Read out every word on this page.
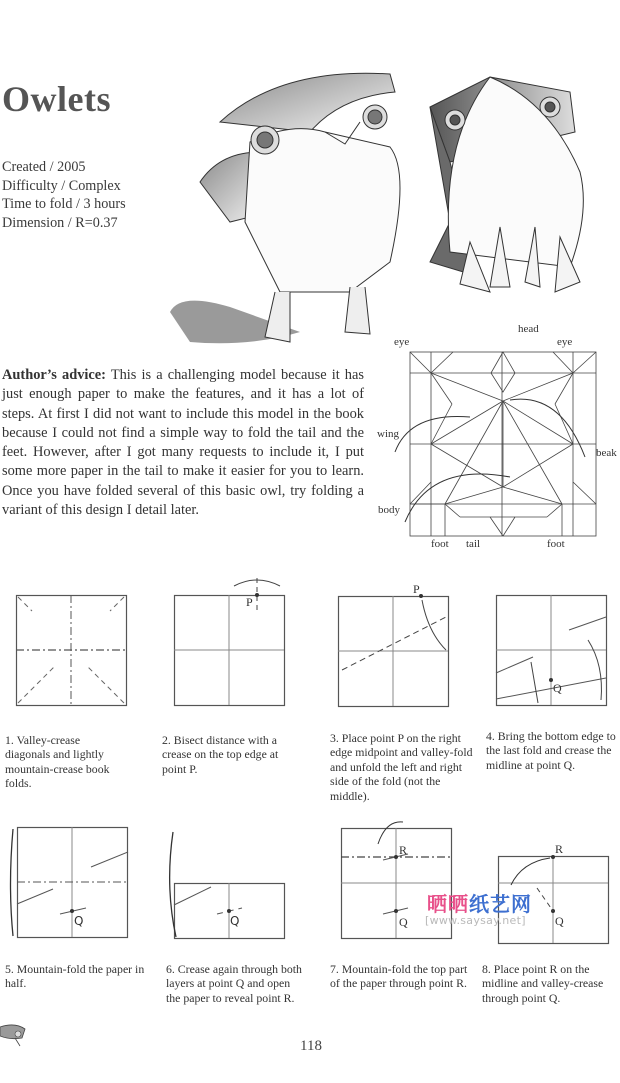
Owlets
Created / 2005
Difficulty / Complex
Time to fold / 3 hours
Dimension / R=0.37
Author’s advice: This is a challenging model because it has just enough paper to make the features, and it has a lot of steps. At first I did not want to include this model in the book because I could not find a simple way to fold the tail and the feet. However, after I got many requests to include it, I put some more paper in the tail to make it easier for you to learn. Once you have folded several of this basic owl, try folding a variant of this design I detail later.
eye
head
eye
wing
beak
body
foot tail	foot
P
P
Q
1. Valley-crease diagonals and lightly mountain-crease book folds.
2. Bisect distance with a crease on the top edge at point P.
3. Place point P on the right edge midpoint and valley-fold and unfold the left and right side of the fold (not the middle).
4. Bring the bottom edge to the last fold and crease the midline at point Q.
Q	Q
R
Q
R
Q
5. Mountain-fold the paper in half.
6. Crease again through both layers at point Q and open the paper to reveal point R.
7. Mountain-fold the top part of the paper through point R.
8. Place point R on the midline and valley-crease through point Q.
晒晒纸艺网
[www.saysay.net]
118
